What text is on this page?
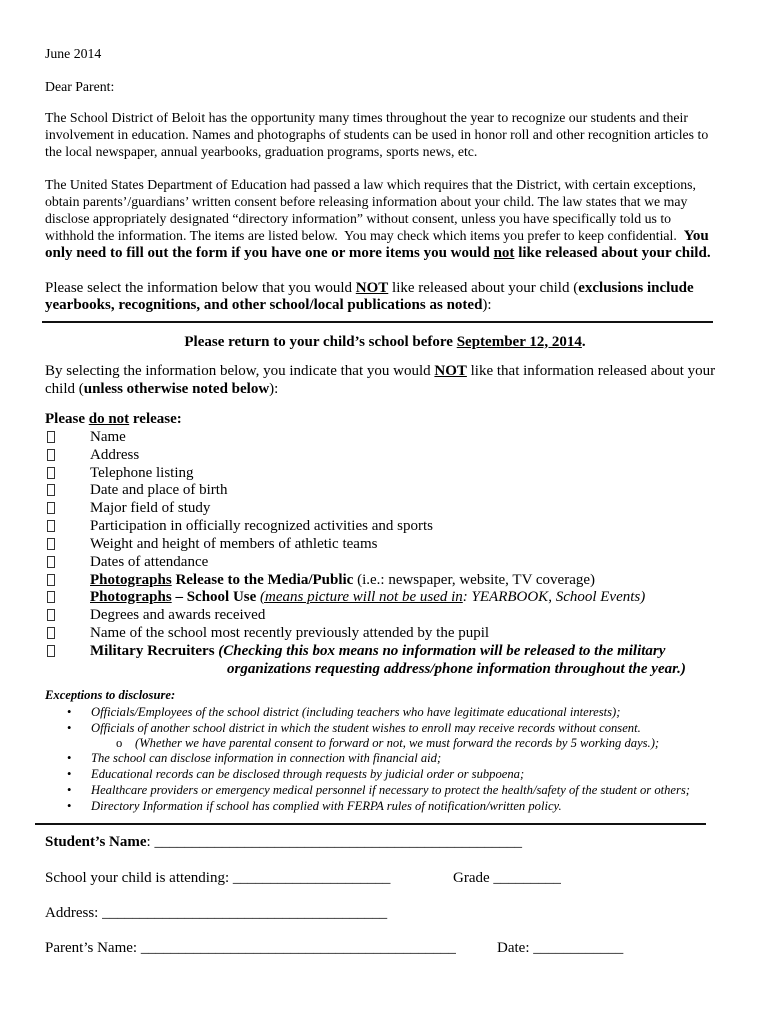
June 2014
Dear Parent:
The School District of Beloit has the opportunity many times throughout the year to recognize our students and their
involvement in education. Names and photographs of students can be used in honor roll and other recognition articles to
the local newspaper, annual yearbooks, graduation programs, sports news, etc.
The United States Department of Education had passed a law which requires that the District, with certain exceptions,
obtain parents’/guardians’ written consent before releasing information about your child. The law states that we may
disclose appropriately designated “directory information” without consent, unless you have specifically told us to
withhold the information. The items are listed below.  You may check which items you prefer to keep confidential.  You
only need to fill out the form if you have one or more items you would not like released about your child.
Please select the information below that you would NOT like released about your child (exclusions include
yearbooks, recognitions, and other school/local publications as noted):
Please return to your child’s school before September 12, 2014.
By selecting the information below, you indicate that you would NOT like that information released about your
child (unless otherwise noted below):
Please do not release:
Name
Address
Telephone listing
Date and place of birth
Major field of study
Participation in officially recognized activities and sports
Weight and height of members of athletic teams
Dates of attendance
Photographs Release to the Media/Public (i.e.: newspaper, website, TV coverage)
Photographs – School Use (means picture will not be used in: YEARBOOK, School Events)
Degrees and awards received
Name of the school most recently previously attended by the pupil
Military Recruiters (Checking this box means no information will be released to the military
organizations requesting address/phone information throughout the year.)
Exceptions to disclosure:
•
Officials/Employees of the school district (including teachers who have legitimate educational interests);
•
Officials of another school district in which the student wishes to enroll may receive records without consent.
o
(Whether we have parental consent to forward or not, we must forward the records by 5 working days.);
•
The school can disclose information in connection with financial aid;
•
Educational records can be disclosed through requests by judicial order or subpoena;
•
Healthcare providers or emergency medical personnel if necessary to protect the health/safety of the student or others;
•
Directory Information if school has complied with FERPA rules of notification/written policy.
Student’s Name: _________________________________________________
School your child is attending: _____________________	Grade _________
Address: ______________________________________
Parent’s Name: __________________________________________	Date: ____________
